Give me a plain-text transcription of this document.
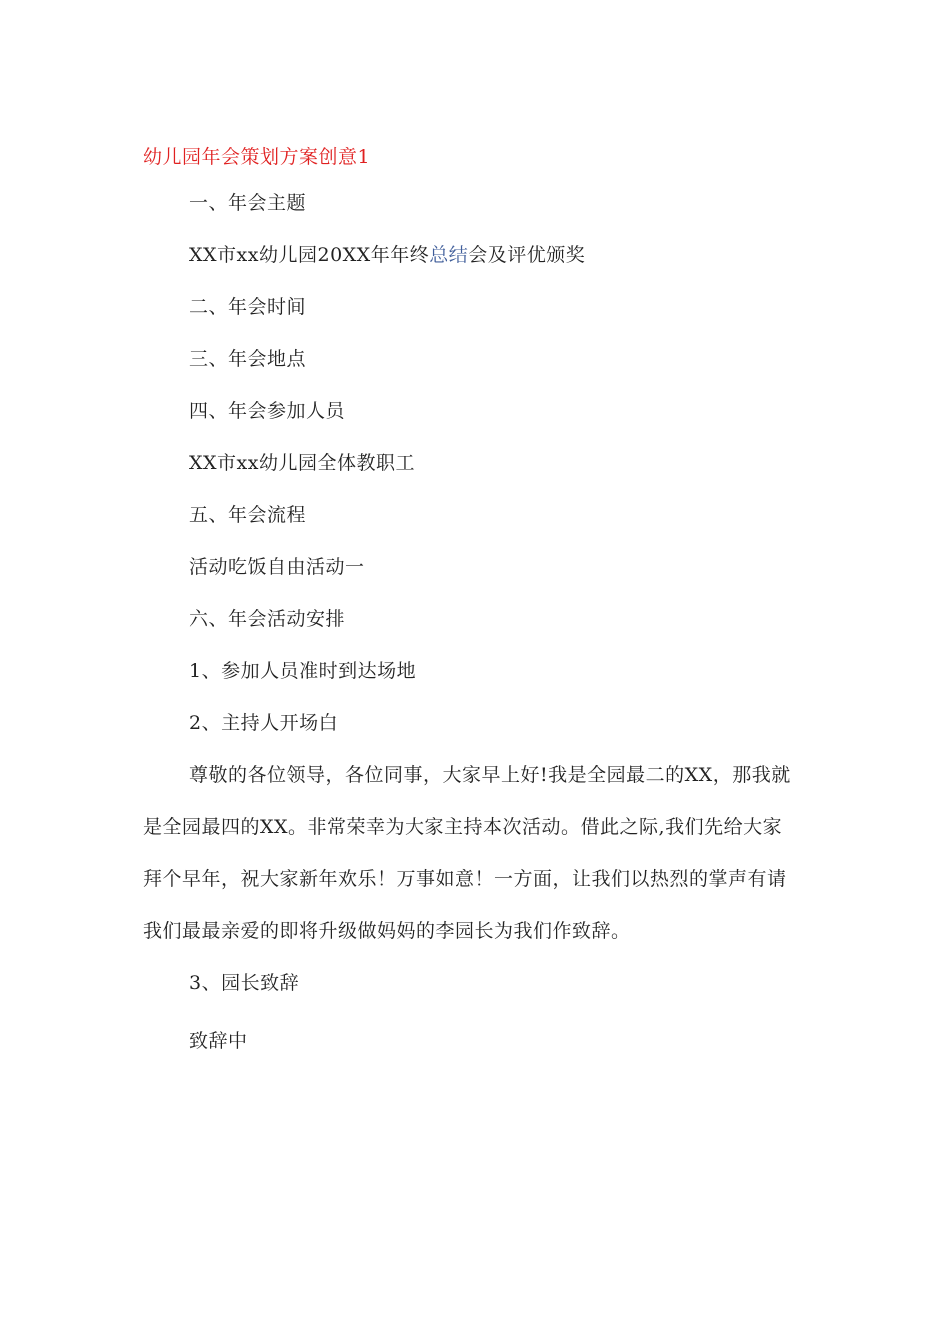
幼儿园年会策划方案创意1
一、年会主题
XX市xx幼儿园20XX年年终总结会及评优颁奖
二、年会时间
三、年会地点
四、年会参加人员
XX市xx幼儿园全体教职工
五、年会流程
活动吃饭自由活动一
六、年会活动安排
1、参加人员准时到达场地
2、主持人开场白
尊敬的各位领导，各位同事，大家早上好!我是全园最二的XX，那我就
是全园最四的XX。非常荣幸为大家主持本次活动。借此之际,我们先给大家
拜个早年，祝大家新年欢乐！万事如意！一方面，让我们以热烈的掌声有请
我们最最亲爱的即将升级做妈妈的李园长为我们作致辞。
3、园长致辞
致辞中
